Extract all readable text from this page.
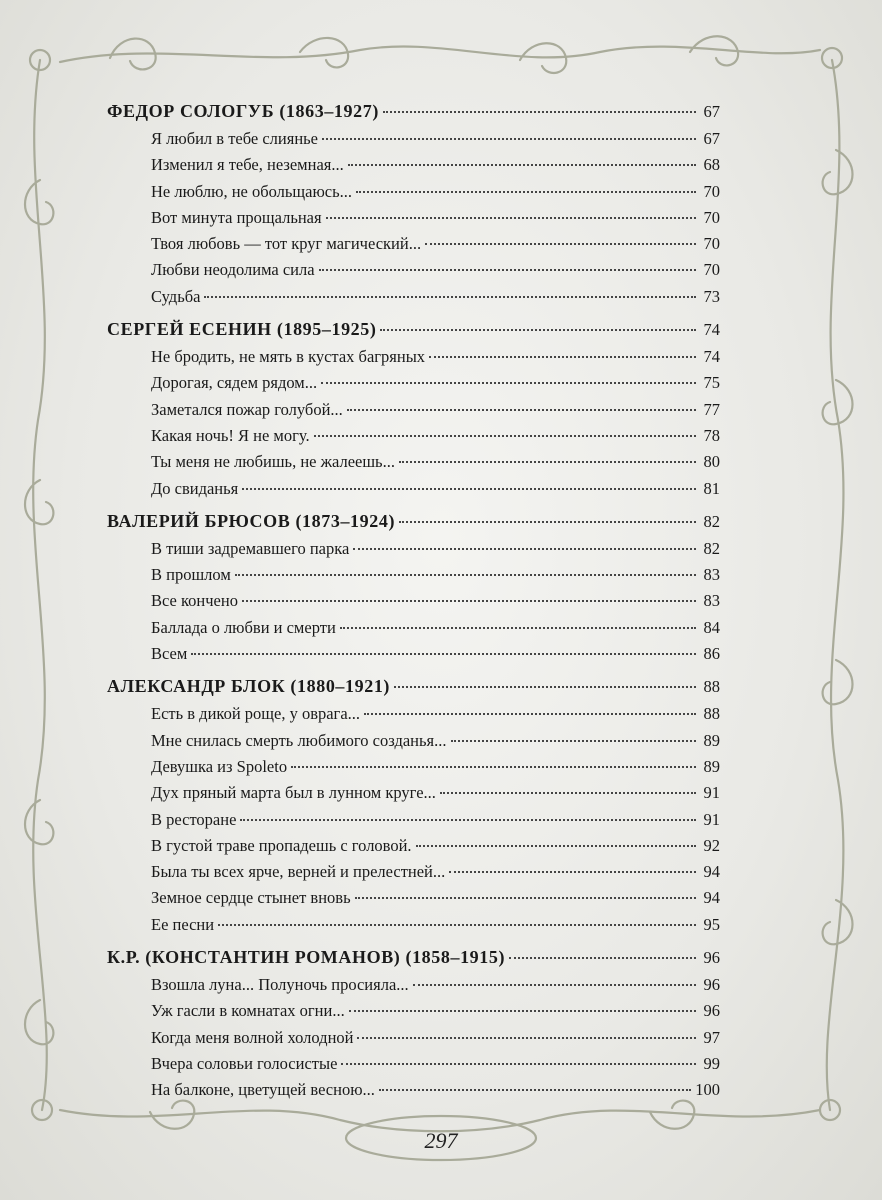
ФЕДОР СОЛОГУБ (1863–1927)	67
Я любил в тебе слиянье	67
Изменил я тебе, неземная...	68
Не люблю, не обольщаюсь...	70
Вот минута прощальная	70
Твоя любовь — тот круг магический...	70
Любви неодолима сила	70
Судьба	73
СЕРГЕЙ ЕСЕНИН (1895–1925)	74
Не бродить, не мять в кустах багряных	74
Дорогая, сядем рядом...	75
Заметался пожар голубой...	77
Какая ночь! Я не могу.	78
Ты меня не любишь, не жалеешь...	80
До свиданья	81
ВАЛЕРИЙ БРЮСОВ (1873–1924)	82
В тиши задремавшего парка	82
В прошлом	83
Все кончено	83
Баллада о любви и смерти	84
Всем	86
АЛЕКСАНДР БЛОК (1880–1921)	88
Есть в дикой роще, у оврага...	88
Мне снилась смерть любимого созданья...	89
Девушка из Spoleto	89
Дух пряный марта был в лунном круге...	91
В ресторане	91
В густой траве пропадешь с головой.	92
Была ты всех ярче, верней и прелестней...	94
Земное сердце стынет вновь	94
Ее песни	95
К.Р. (КОНСТАНТИН РОМАНОВ) (1858–1915)	96
Взошла луна... Полуночь просияла...	96
Уж гасли в комнатах огни...	96
Когда меня волной холодной	97
Вчера соловьи голосистые	99
На балконе, цветущей весною...	100
297
